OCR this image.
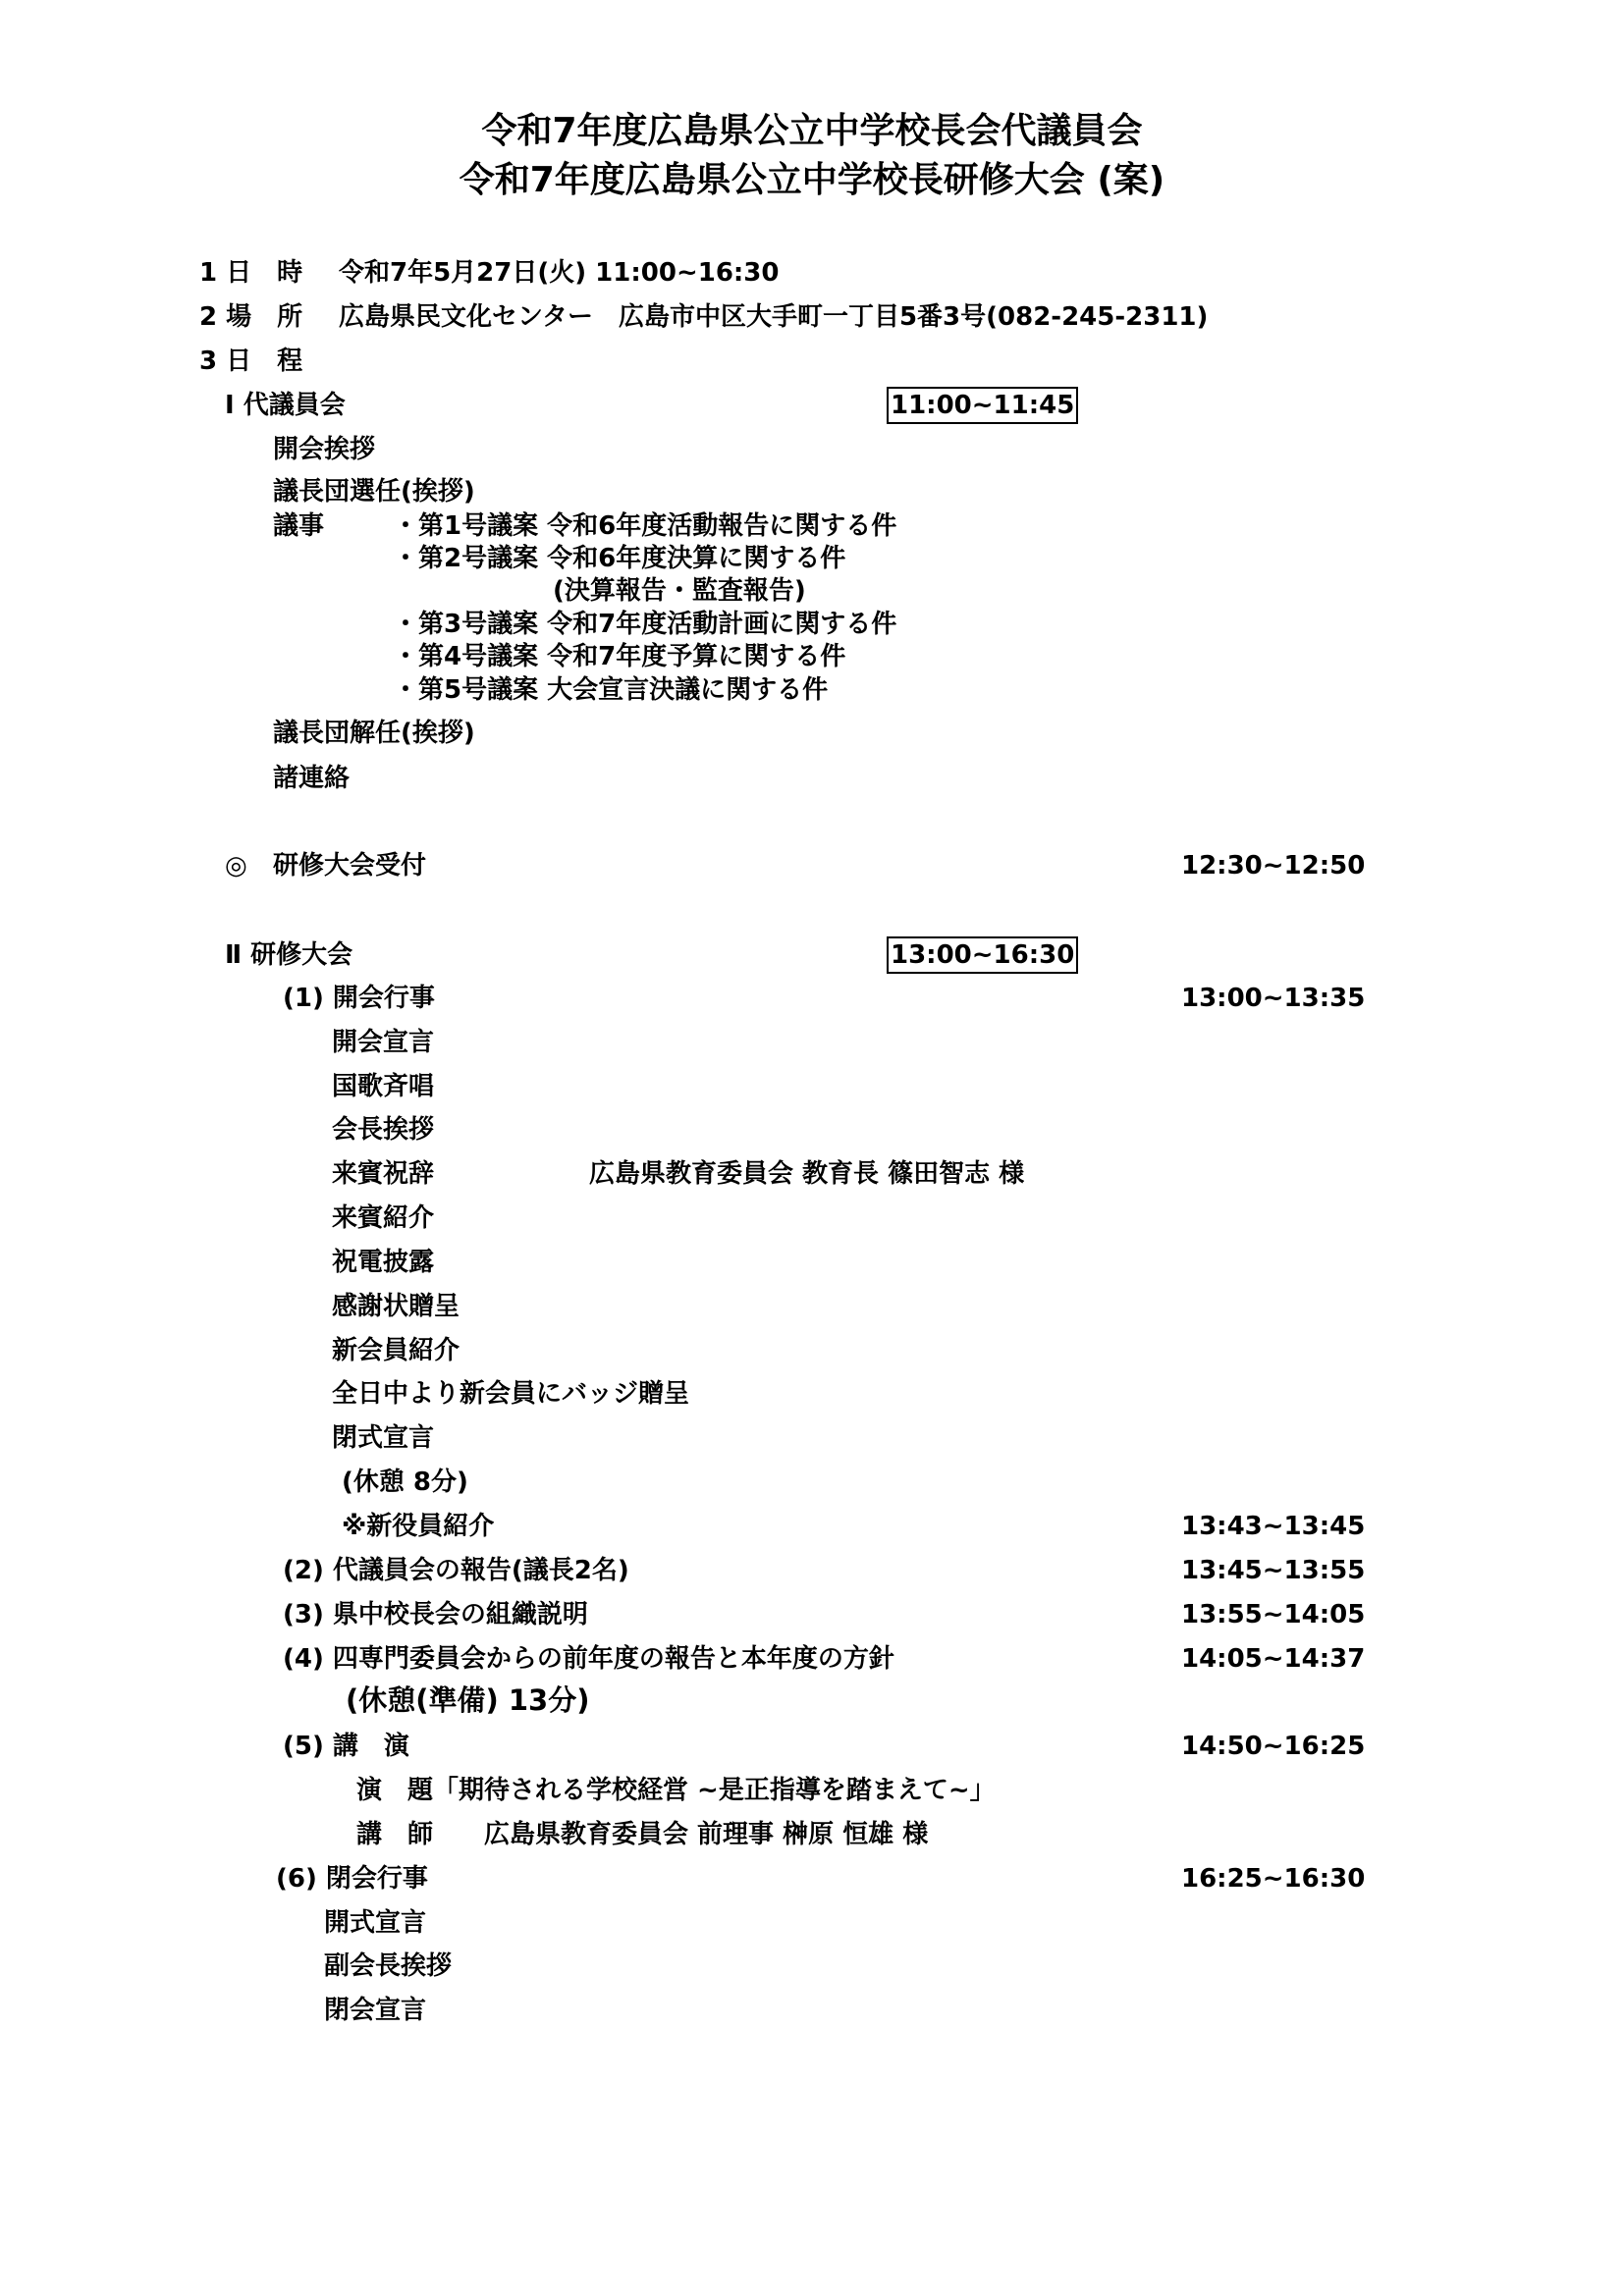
令和7年度広島県公立中学校長会代議員会
令和7年度広島県公立中学校長研修大会 (案)
1 日　時 令和7年5月27日(火) 11:00~16:30
2 場　所 広島県民文化センター　広島市中区大手町一丁目5番3号(082-245-2311)
3 日　程
Ⅰ 代議員会	11:00~11:45
開会挨拶
議長団選任(挨拶)
議事	・第1号議案 令和6年度活動報告に関する件
・第2号議案 令和6年度決算に関する件
(決算報告・監査報告)
・第3号議案 令和7年度活動計画に関する件
・第4号議案 令和7年度予算に関する件
・第5号議案 大会宣言決議に関する件
議長団解任(挨拶)
諸連絡
◎ 研修大会受付	12:30~12:50
Ⅱ 研修大会	13:00~16:30
(1) 開会行事	13:00~13:35
開会宣言
国歌斉唱
会長挨拶
来賓祝辞	広島県教育委員会 教育長 篠田智志 様
来賓紹介
祝電披露
感謝状贈呈
新会員紹介
全日中より新会員にバッジ贈呈
閉式宣言
(休憩 8分)
※新役員紹介	13:43~13:45
(2) 代議員会の報告(議長2名)	13:45~13:55
(3) 県中校長会の組織説明	13:55~14:05
(4) 四専門委員会からの前年度の報告と本年度の方針	14:05~14:37
(休憩(準備) 13分)
(5) 講　演	14:50~16:25
演　題「期待される学校経営 ~是正指導を踏まえて~」
講　師　　広島県教育委員会 前理事 榊原 恒雄 様
(6) 閉会行事	16:25~16:30
開式宣言
副会長挨拶
閉会宣言
